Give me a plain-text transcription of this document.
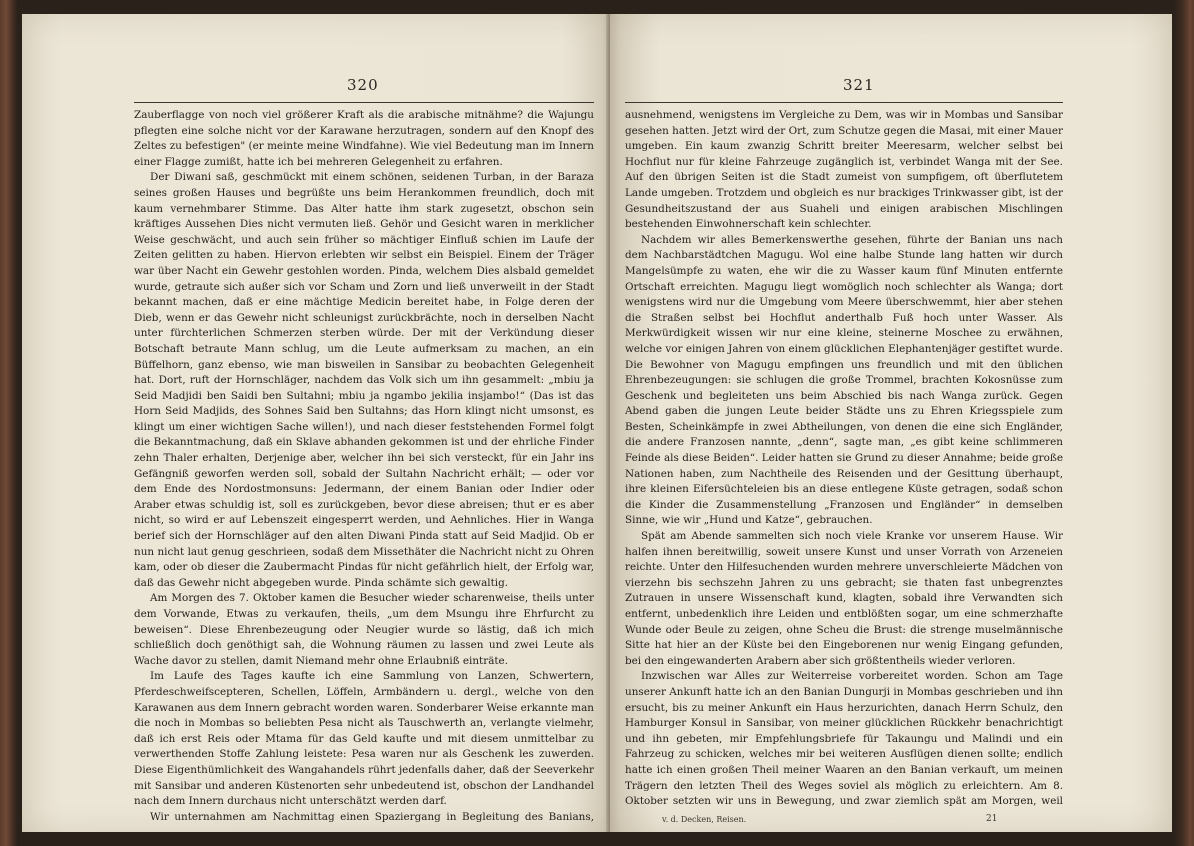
320

Zauberflagge von noch viel größerer Kraft als die arabische mitnähme? die Wajungu pflegten eine solche nicht vor der Karawane herzutragen, sondern auf den Knopf des Zeltes zu befestigen" (er meinte meine Windfahne). Wie viel Bedeutung man im Innern einer Flagge zumißt, hatte ich bei mehreren Gelegenheit zu erfahren.

Der Diwani saß, geschmückt mit einem schönen, seidenen Turban, in der Baraza seines großen Hauses und begrüßte uns beim Herankommen freundlich, doch mit kaum vernehmbarer Stimme. Das Alter hatte ihm stark zugesetzt, obschon sein kräftiges Aussehen Dies nicht vermuten ließ. Gehör und Gesicht waren in merklicher Weise geschwächt, und auch sein früher so mächtiger Einfluß schien im Laufe der Zeiten gelitten zu haben. Hiervon erlebten wir selbst ein Beispiel. Einem der Träger war über Nacht ein Gewehr gestohlen worden. Pinda, welchem Dies alsbald gemeldet wurde, getraute sich außer sich vor Scham und Zorn und ließ unverweilt in der Stadt bekannt machen, daß er eine mächtige Medicin bereitet habe, in Folge deren der Dieb, wenn er das Gewehr nicht schleunigst zurückbrächte, noch in derselben Nacht unter fürchterlichen Schmerzen sterben würde. Der mit der Verkündung dieser Botschaft betraute Mann schlug, um die Leute aufmerksam zu machen, an ein Büffelhorn, ganz ebenso, wie man bisweilen in Sansibar zu beobachten Gelegenheit hat. Dort, ruft der Hornschläger, nachdem das Volk sich um ihn gesammelt: „mbiu ja Seid Madjidi ben Saidi ben Sultahni; mbiu ja ngambo jekilia insjambo!“ (Das ist das Horn Seid Madjids, des Sohnes Said ben Sultahns; das Horn klingt nicht umsonst, es klingt um einer wichtigen Sache willen!), und nach dieser feststehenden Formel folgt die Bekanntmachung, daß ein Sklave abhanden gekommen ist und der ehrliche Finder zehn Thaler erhalten, Derjenige aber, welcher ihn bei sich versteckt, für ein Jahr ins Gefängniß geworfen werden soll, sobald der Sultahn Nachricht erhält; — oder vor dem Ende des Nordostmonsuns: Jedermann, der einem Banian oder Indier oder Araber etwas schuldig ist, soll es zurückgeben, bevor diese abreisen; thut er es aber nicht, so wird er auf Lebenszeit eingesperrt werden, und Aehnliches. Hier in Wanga berief sich der Hornschläger auf den alten Diwani Pinda statt auf Seid Madjid. Ob er nun nicht laut genug geschrieen, sodaß dem Missethäter die Nachricht nicht zu Ohren kam, oder ob dieser die Zaubermacht Pindas für nicht gefährlich hielt, der Erfolg war, daß das Gewehr nicht abgegeben wurde. Pinda schämte sich gewaltig.

Am Morgen des 7. Oktober kamen die Besucher wieder scharenweise, theils unter dem Vorwande, Etwas zu verkaufen, theils, „um dem Msungu ihre Ehrfurcht zu beweisen“. Diese Ehrenbezeugung oder Neugier wurde so lästig, daß ich mich schließlich doch genöthigt sah, die Wohnung räumen zu lassen und zwei Leute als Wache davor zu stellen, damit Niemand mehr ohne Erlaubniß einträte.

Im Laufe des Tages kaufte ich eine Sammlung von Lanzen, Schwertern, Pferdeschweifscepteren, Schellen, Löffeln, Armbändern u. dergl., welche von den Karawanen aus dem Innern gebracht worden waren. Sonderbarer Weise erkannte man die noch in Mombas so beliebten Pesa nicht als Tauschwerth an, verlangte vielmehr, daß ich erst Reis oder Mtama für das Geld kaufte und mit diesem unmittelbar zu verwerthenden Stoffe Zahlung leistete: Pesa waren nur als Geschenk les zuwerden. Diese Eigenthümlichkeit des Wangahandels rührt jedenfalls daher, daß der Seeverkehr mit Sansibar und anderen Küstenorten sehr unbedeutend ist, obschon der Landhandel nach dem Innern durchaus nicht unterschätzt werden darf.

Wir unternahmen am Nachmittag einen Spaziergang in Begleitung des Banians,

321

ausnehmend, wenigstens im Vergleiche zu Dem, was wir in Mombas und Sansibar gesehen hatten. Jetzt wird der Ort, zum Schutze gegen die Masai, mit einer Mauer umgeben. Ein kaum zwanzig Schritt breiter Meeresarm, welcher selbst bei Hochflut nur für kleine Fahrzeuge zugänglich ist, verbindet Wanga mit der See. Auf den übrigen Seiten ist die Stadt zumeist von sumpfigem, oft überflutetem Lande umgeben. Trotzdem und obgleich es nur brackiges Trinkwasser gibt, ist der Gesundheitszustand der aus Suaheli und einigen arabischen Mischlingen bestehenden Einwohnerschaft kein schlechter.

Nachdem wir alles Bemerkenswerthe gesehen, führte der Banian uns nach dem Nachbarstädtchen Magugu. Wol eine halbe Stunde lang hatten wir durch Mangelsümpfe zu waten, ehe wir die zu Wasser kaum fünf Minuten entfernte Ortschaft erreichten. Magugu liegt womöglich noch schlechter als Wanga; dort wenigstens wird nur die Umgebung vom Meere überschwemmt, hier aber stehen die Straßen selbst bei Hochflut anderthalb Fuß hoch unter Wasser. Als Merkwürdigkeit wissen wir nur eine kleine, steinerne Moschee zu erwähnen, welche vor einigen Jahren von einem glücklichen Elephantenjäger gestiftet wurde. Die Bewohner von Magugu empfingen uns freundlich und mit den üblichen Ehrenbezeugungen: sie schlugen die große Trommel, brachten Kokosnüsse zum Geschenk und begleiteten uns beim Abschied bis nach Wanga zurück. Gegen Abend gaben die jungen Leute beider Städte uns zu Ehren Kriegsspiele zum Besten, Scheinkämpfe in zwei Abtheilungen, von denen die eine sich Engländer, die andere Franzosen nannte, „denn“, sagte man, „es gibt keine schlimmeren Feinde als diese Beiden“. Leider hatten sie Grund zu dieser Annahme; beide große Nationen haben, zum Nachtheile des Reisenden und der Gesittung überhaupt, ihre kleinen Eifersüchteleien bis an diese entlegene Küste getragen, sodaß schon die Kinder die Zusammenstellung „Franzosen und Engländer“ in demselben Sinne, wie wir „Hund und Katze“, gebrauchen.

Spät am Abende sammelten sich noch viele Kranke vor unserem Hause. Wir halfen ihnen bereitwillig, soweit unsere Kunst und unser Vorrath von Arzeneien reichte. Unter den Hilfesuchenden wurden mehrere unverschleierte Mädchen von vierzehn bis sechszehn Jahren zu uns gebracht; sie thaten fast unbegrenztes Zutrauen in unsere Wissenschaft kund, klagten, sobald ihre Verwandten sich entfernt, unbedenklich ihre Leiden und entblößten sogar, um eine schmerzhafte Wunde oder Beule zu zeigen, ohne Scheu die Brust: die strenge muselmännische Sitte hat hier an der Küste bei den Eingeborenen nur wenig Eingang gefunden, bei den eingewanderten Arabern aber sich größtentheils wieder verloren.

Inzwischen war Alles zur Weiterreise vorbereitet worden. Schon am Tage unserer Ankunft hatte ich an den Banian Dungurji in Mombas geschrieben und ihn ersucht, bis zu meiner Ankunft ein Haus herzurichten, danach Herrn Schulz, den Hamburger Konsul in Sansibar, von meiner glücklichen Rückkehr benachrichtigt und ihn gebeten, mir Empfehlungsbriefe für Takaungu und Malindi und ein Fahrzeug zu schicken, welches mir bei weiteren Ausflügen dienen sollte; endlich hatte ich einen großen Theil meiner Waaren an den Banian verkauft, um meinen Trägern den letzten Theil des Weges soviel als möglich zu erleichtern. Am 8. Oktober setzten wir uns in Bewegung, und zwar ziemlich spät am Morgen, weil

v. d. Decken, Reisen.	21
